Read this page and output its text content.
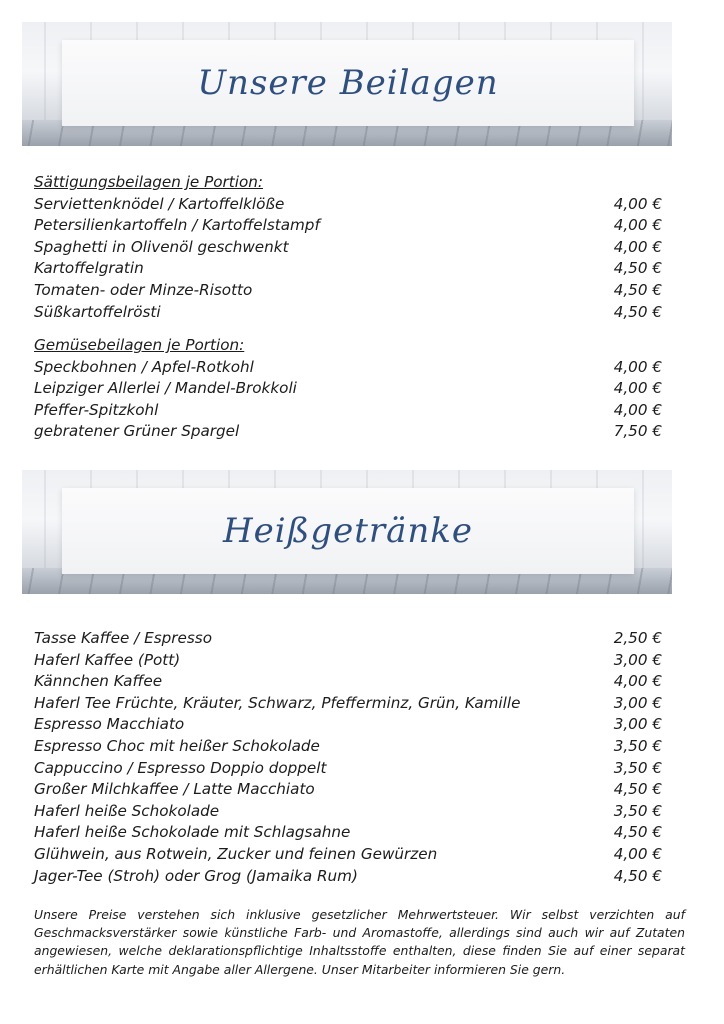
Unsere Beilagen
Sättigungsbeilagen je Portion:
Serviettenknödel / Kartoffelklöße	4,00 €
Petersilienkartoffeln / Kartoffelstampf	4,00 €
Spaghetti in Olivenöl geschwenkt	4,00 €
Kartoffelgratin	4,50 €
Tomaten- oder Minze-Risotto	4,50 €
Süßkartoffelrösti	4,50 €
Gemüsebeilagen je Portion:
Speckbohnen / Apfel-Rotkohl	4,00 €
Leipziger Allerlei / Mandel-Brokkoli	4,00 €
Pfeffer-Spitzkohl	4,00 €
gebratener Grüner Spargel	7,50 €
Heißgetränke
Tasse Kaffee / Espresso	2,50 €
Haferl Kaffee (Pott)	3,00 €
Kännchen Kaffee	4,00 €
Haferl Tee Früchte, Kräuter, Schwarz, Pfefferminz, Grün, Kamille	3,00 €
Espresso Macchiato	3,00 €
Espresso Choc mit heißer Schokolade	3,50 €
Cappuccino / Espresso Doppio doppelt	3,50 €
Großer Milchkaffee / Latte Macchiato	4,50 €
Haferl heiße Schokolade	3,50 €
Haferl heiße Schokolade mit Schlagsahne	4,50 €
Glühwein, aus Rotwein, Zucker und feinen Gewürzen	4,00 €
Jager-Tee (Stroh) oder Grog (Jamaika Rum)	4,50 €
Unsere Preise verstehen sich inklusive gesetzlicher Mehrwertsteuer. Wir selbst verzichten auf Geschmacksverstärker sowie künstliche Farb- und Aromastoffe, allerdings sind auch wir auf Zutaten angewiesen, welche deklarationspflichtige Inhaltsstoffe enthalten, diese finden Sie auf einer separat erhältlichen Karte mit Angabe aller Allergene. Unser Mitarbeiter informieren Sie gern.
